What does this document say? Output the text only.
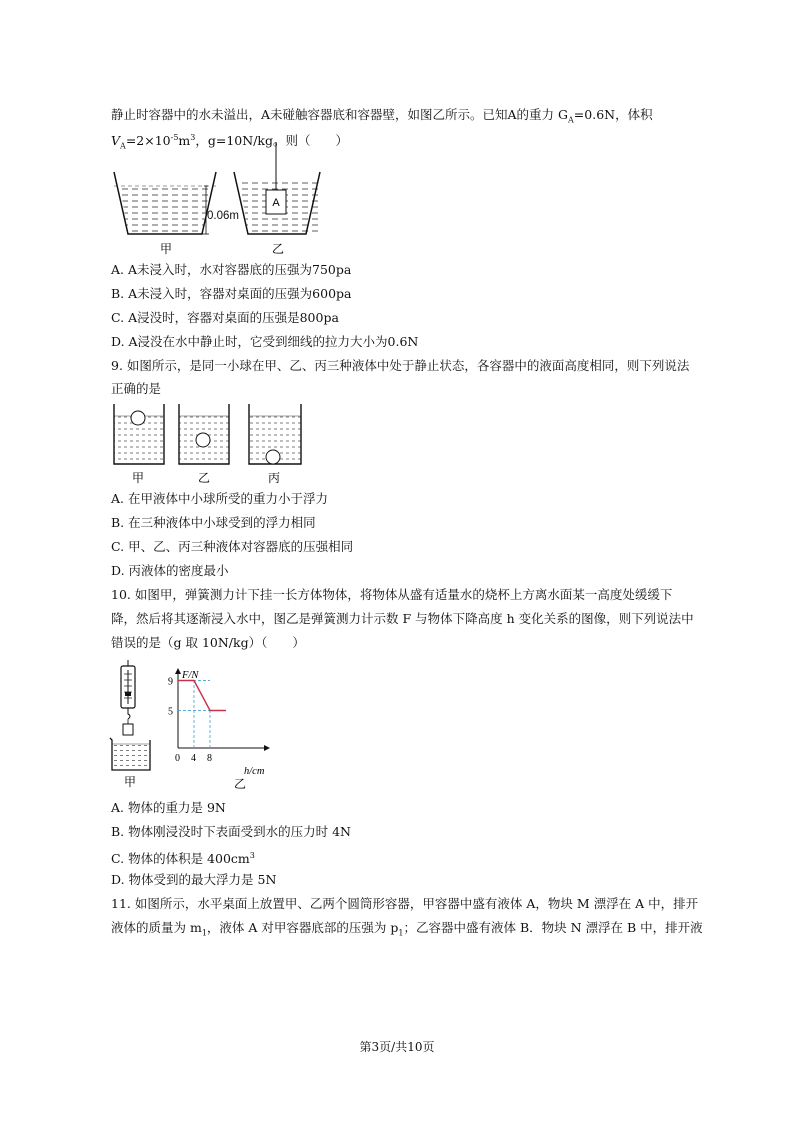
静止时容器中的水未溢出，A未碰触容器底和容器壁，如图乙所示。已知A的重力 $G_A=0.6N$，体积
$V_A=2\times 10^{-5}m^3$，g=10N/kg。则（　　）
0.06m
A
甲	乙
A. A未浸入时，水对容器底的压强为750pa
B. A未浸入时，容器对桌面的压强为600pa
C. A浸没时，容器对桌面的压强是800pa
D. A浸没在水中静止时，它受到细线的拉力大小为0.6N
9. 如图所示，是同一小球在甲、乙、丙三种液体中处于静止状态，各容器中的液面高度相同，则下列说法
正确的是
甲	乙	丙
A. 在甲液体中小球所受的重力小于浮力
B. 在三种液体中小球受到的浮力相同
C. 甲、乙、丙三种液体对容器底的压强相同
D. 丙液体的密度最小
10. 如图甲，弹簧测力计下挂一长方体物体，将物体从盛有适量水的烧杯上方离水面某一高度处缓缓下
降，然后将其逐渐浸入水中，图乙是弹簧测力计示数 F 与物体下降高度 h 变化关系的图像，则下列说法中
错误的是（g 取 10N/kg）（　　）
甲
F/N
h/cm
9
5
0 4 8
乙
A. 物体的重力是 9N
B. 物体刚浸没时下表面受到水的压力时 4N
C. 物体的体积是 $400cm^3$
D. 物体受到的最大浮力是 5N
11. 如图所示，水平桌面上放置甲、乙两个圆筒形容器，甲容器中盛有液体 A，物块 M 漂浮在 A 中，排开
液体的质量为 $m_1$，液体 A 对甲容器底部的压强为 $p_1$；乙容器中盛有液体 B．物块 N 漂浮在 B 中，排开液
第3页/共10页
